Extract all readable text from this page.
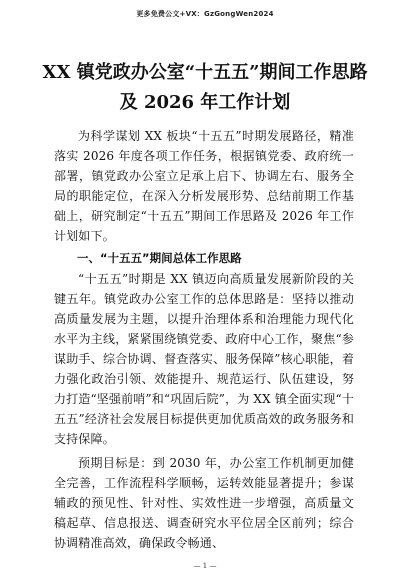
更多免费公文+VX：GzGongWen2024
XX 镇党政办公室“十五五”期间工作思路及 2026 年工作计划

为科学谋划 XX 板块“十五五”时期发展路径，精准落实 2026 年度各项工作任务，根据镇党委、政府统一部署，镇党政办公室立足承上启下、协调左右、服务全局的职能定位，在深入分析发展形势、总结前期工作基础上，研究制定“十五五”期间工作思路及 2026 年工作计划如下。

一、“十五五”期间总体工作思路

“十五五”时期是 XX 镇迈向高质量发展新阶段的关键五年。镇党政办公室工作的总体思路是：坚持以推动高质量发展为主题，以提升治理体系和治理能力现代化水平为主线，紧紧围绕镇党委、政府中心工作，聚焦“参谋助手、综合协调、督查落实、服务保障”核心职能，着力强化政治引领、效能提升、规范运行、队伍建设，努力打造“坚强前哨”和“巩固后院”，为 XX 镇全面实现“十五五”经济社会发展目标提供更加优质高效的政务服务和支持保障。

预期目标是：到 2030 年，办公室工作机制更加健全完善，工作流程科学顺畅，运转效能显著提升；参谋辅政的预见性、针对性、实效性进一步增强，高质量文稿起草、信息报送、调查研究水平位居全区前列；综合协调精准高效，确保政令畅通、

— 1 —
